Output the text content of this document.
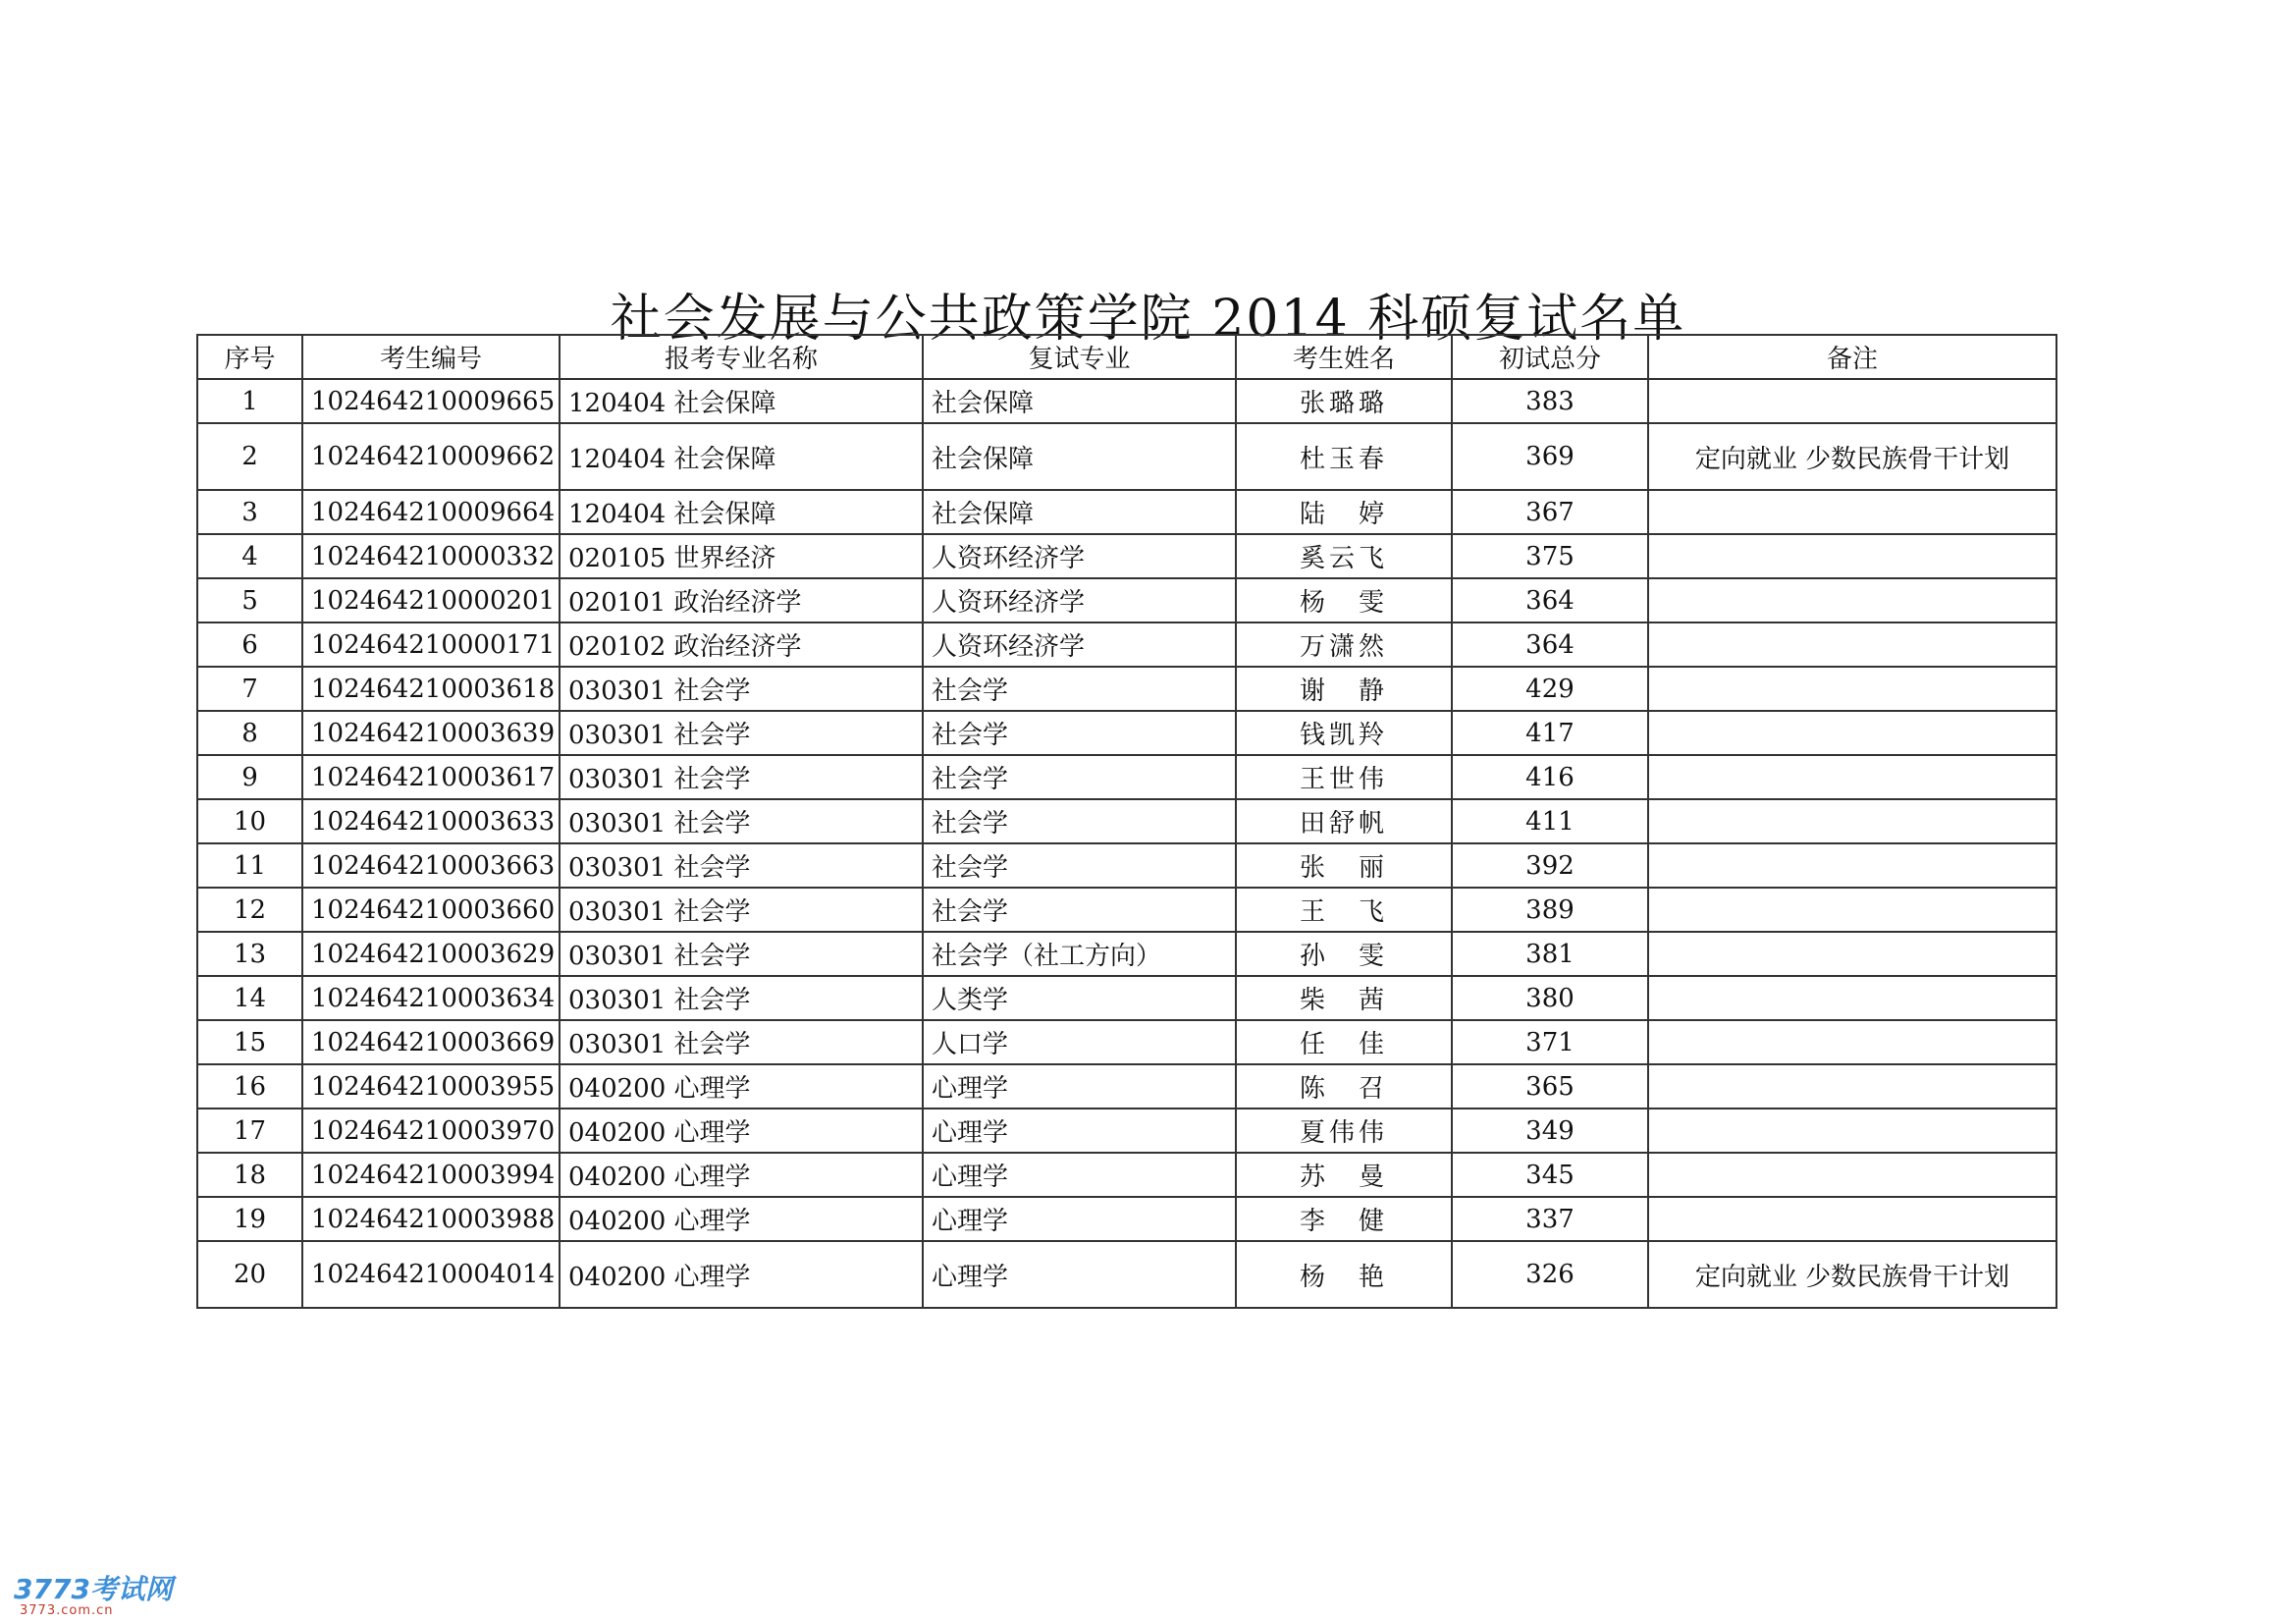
社会发展与公共政策学院 2014 科硕复试名单
序号	考生编号	报考专业名称	复试专业	考生姓名	初试总分	备注
1	102464210009665	120404 社会保障	社会保障	张璐璐	383	
2	102464210009662	120404 社会保障	社会保障	杜玉春	369	定向就业 少数民族骨干计划
3	102464210009664	120404 社会保障	社会保障	陆　婷	367	
4	102464210000332	020105 世界经济	人资环经济学	奚云飞	375	
5	102464210000201	020101 政治经济学	人资环经济学	杨　雯	364	
6	102464210000171	020102 政治经济学	人资环经济学	万潇然	364	
7	102464210003618	030301 社会学	社会学	谢　静	429	
8	102464210003639	030301 社会学	社会学	钱凯羚	417	
9	102464210003617	030301 社会学	社会学	王世伟	416	
10	102464210003633	030301 社会学	社会学	田舒帆	411	
11	102464210003663	030301 社会学	社会学	张　丽	392	
12	102464210003660	030301 社会学	社会学	王　飞	389	
13	102464210003629	030301 社会学	社会学（社工方向）	孙　雯	381	
14	102464210003634	030301 社会学	人类学	柴　茜	380	
15	102464210003669	030301 社会学	人口学	任　佳	371	
16	102464210003955	040200 心理学	心理学	陈　召	365	
17	102464210003970	040200 心理学	心理学	夏伟伟	349	
18	102464210003994	040200 心理学	心理学	苏　曼	345	
19	102464210003988	040200 心理学	心理学	李　健	337	
20	102464210004014	040200 心理学	心理学	杨　艳	326	定向就业 少数民族骨干计划
3773考试网
3773.com.cn
